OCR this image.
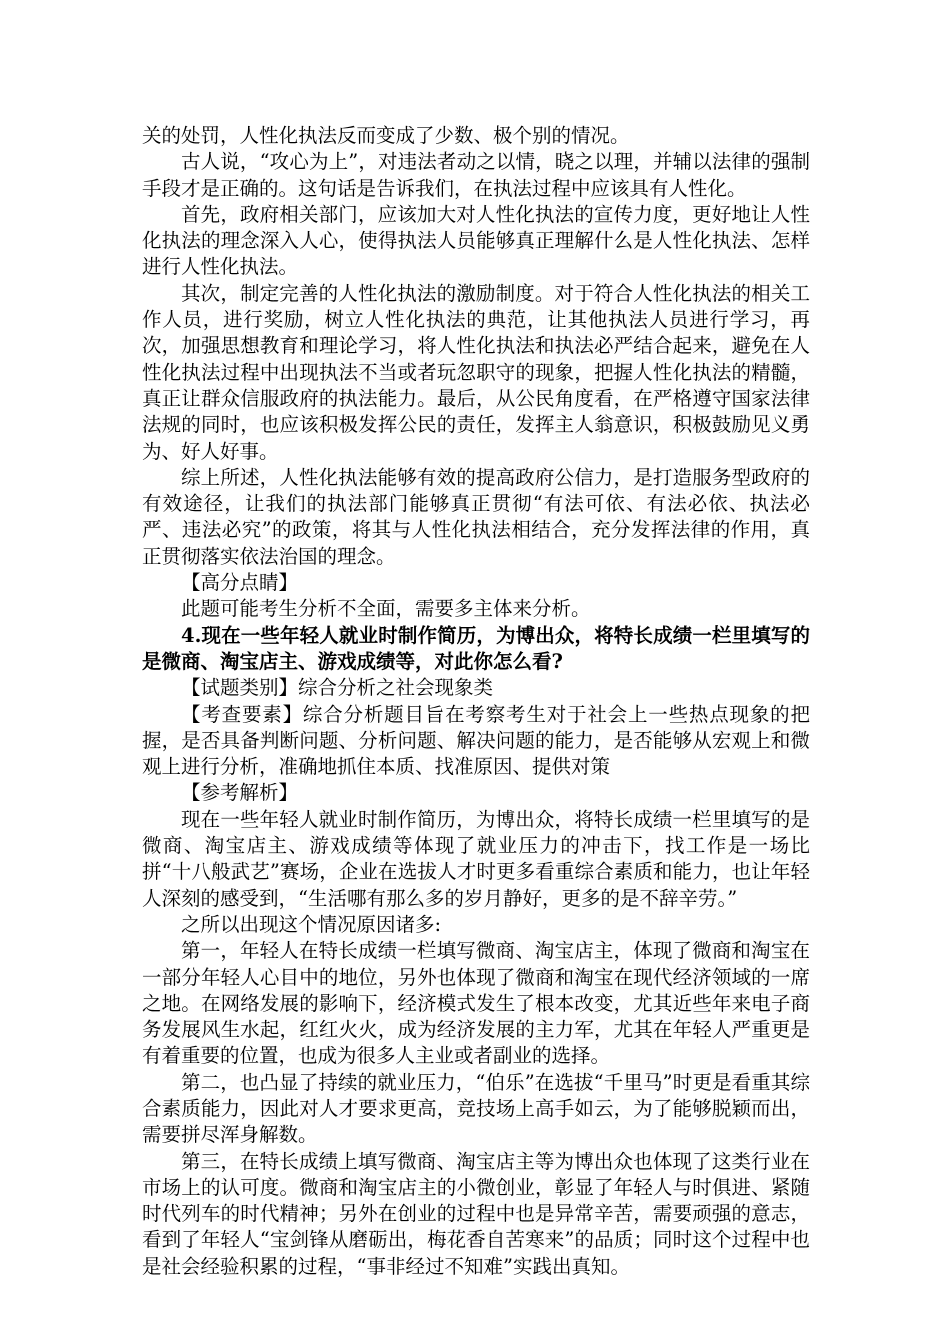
关的处罚，人性化执法反而变成了少数、极个别的情况。

古人说，“攻心为上”，对违法者动之以情，晓之以理，并辅以法律的强制手段才是正确的。这句话是告诉我们，在执法过程中应该具有人性化。

首先，政府相关部门，应该加大对人性化执法的宣传力度，更好地让人性化执法的理念深入人心，使得执法人员能够真正理解什么是人性化执法、怎样进行人性化执法。

其次，制定完善的人性化执法的激励制度。对于符合人性化执法的相关工作人员，进行奖励，树立人性化执法的典范，让其他执法人员进行学习，再次，加强思想教育和理论学习，将人性化执法和执法必严结合起来，避免在人性化执法过程中出现执法不当或者玩忽职守的现象，把握人性化执法的精髓，真正让群众信服政府的执法能力。最后，从公民角度看，在严格遵守国家法律法规的同时，也应该积极发挥公民的责任，发挥主人翁意识，积极鼓励见义勇为、好人好事。

综上所述，人性化执法能够有效的提高政府公信力，是打造服务型政府的有效途径，让我们的执法部门能够真正贯彻“有法可依、有法必依、执法必严、违法必究”的政策，将其与人性化执法相结合，充分发挥法律的作用，真正贯彻落实依法治国的理念。

【高分点睛】

此题可能考生分析不全面，需要多主体来分析。

4.现在一些年轻人就业时制作简历，为博出众，将特长成绩一栏里填写的是微商、淘宝店主、游戏成绩等，对此你怎么看?

【试题类别】综合分析之社会现象类

【考查要素】综合分析题目旨在考察考生对于社会上一些热点现象的把握，是否具备判断问题、分析问题、解决问题的能力，是否能够从宏观上和微观上进行分析，准确地抓住本质、找准原因、提供对策

【参考解析】

现在一些年轻人就业时制作简历，为博出众，将特长成绩一栏里填写的是微商、淘宝店主、游戏成绩等体现了就业压力的冲击下，找工作是一场比拼“十八般武艺”赛场，企业在选拔人才时更多看重综合素质和能力，也让年轻人深刻的感受到，“生活哪有那么多的岁月静好，更多的是不辞辛劳。”

之所以出现这个情况原因诸多:

第一，年轻人在特长成绩一栏填写微商、淘宝店主，体现了微商和淘宝在一部分年轻人心目中的地位，另外也体现了微商和淘宝在现代经济领域的一席之地。在网络发展的影响下，经济模式发生了根本改变，尤其近些年来电子商务发展风生水起，红红火火，成为经济发展的主力军，尤其在年轻人严重更是有着重要的位置，也成为很多人主业或者副业的选择。

第二，也凸显了持续的就业压力，“伯乐”在选拔“千里马”时更是看重其综合素质能力，因此对人才要求更高，竞技场上高手如云，为了能够脱颖而出，需要拼尽浑身解数。

第三，在特长成绩上填写微商、淘宝店主等为博出众也体现了这类行业在市场上的认可度。微商和淘宝店主的小微创业，彰显了年轻人与时俱进、紧随时代列车的时代精神；另外在创业的过程中也是异常辛苦，需要顽强的意志，看到了年轻人“宝剑锋从磨砺出，梅花香自苦寒来”的品质；同时这个过程中也是社会经验积累的过程，“事非经过不知难”实践出真知。
